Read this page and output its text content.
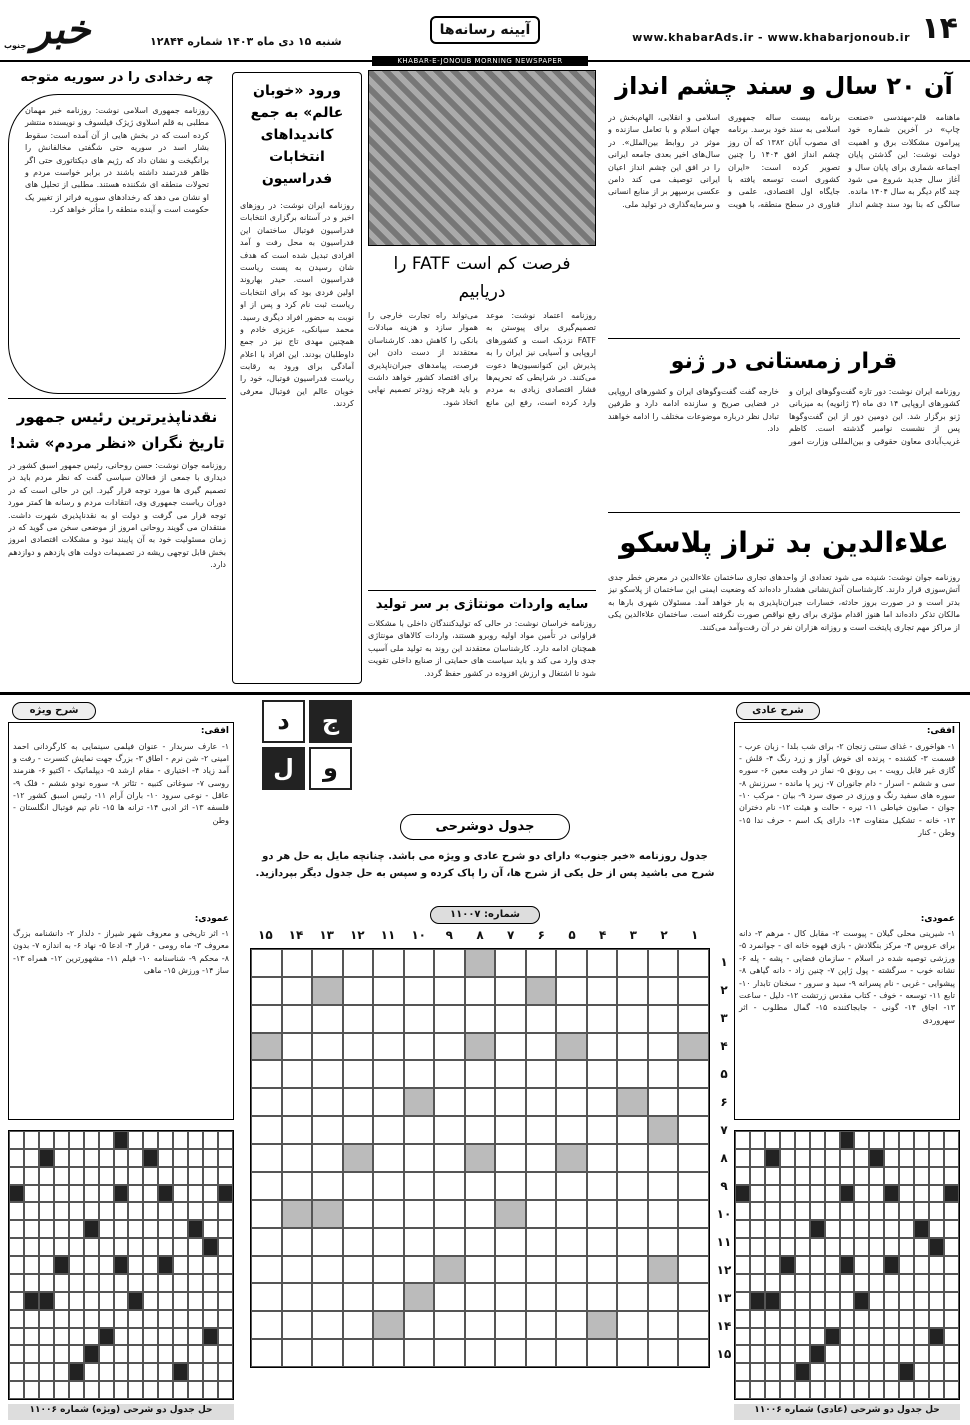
۱۴
www.khabarAds.ir - www.khabarjonoub.ir
آیینه رسانه‌ها
شنبه ۱۵ دی ماه ۱۴۰۳ شماره ۱۲۸۴۴
خبر
جنوب
KHABAR-E-JONOUB MORNING NEWSPAPER
آن ۲۰ سال و سند چشم انداز
ماهنامه قلم-مهندسی «صنعت چاپ» در آخرین شماره خود پیرامون مشکلات برق و اهمیت دولت نوشت: این گذشتن پایان اجماعه شماری برای پایان سال و آغاز سال جدید شروع می شود چند گام دیگر به سال ۱۴۰۴ مانده. سالگی که بنا بود سند چشم انداز برنامه بیست ساله جمهوری اسلامی به سند خود برسد. برنامه ای مصوب آبان ۱۳۸۲ که آن روز چشم انداز افق ۱۴۰۴ را چنین تصویر کرده است: «ایران کشوری است توسعه یافته با جایگاه اول اقتصادی، علمی و فناوری در سطح منطقه، با هویت اسلامی و انقلابی، الهام‌بخش در جهان اسلام و با تعامل سازنده و موثر در روابط بین‌الملل». در سال‌های اخیر بعدی جامعه ایرانی را در افق این چشم انداز اعیان ایرانی توصیف می کند دامن عکسی برسپهر بر از منابع انسانی و سرمایه‌گذاری در تولید ملی.
قرار زمستانی در ژنو
روزنامه ایران نوشت: دور تازه گفت‌وگوهای ایران و کشورهای اروپایی ۱۴ دی ماه (۳ ژانویه) به میزبانی ژنو برگزار شد. این دومین دور از این گفت‌وگوها پس از نشست نوامبر گذشته است. کاظم غریب‌آبادی معاون حقوقی و بین‌المللی وزارت امور خارجه گفت گفت‌وگوهای ایران و کشورهای اروپایی در فضایی صریح و سازنده ادامه دارد و طرفین تبادل نظر درباره موضوعات مختلف را ادامه خواهند داد.
علاءالدین بد تراز پلاسکو
روزنامه جوان نوشت: شنیده می شود تعدادی از واحدهای تجاری ساختمان علاءالدین در معرض خطر جدی آتش‌سوزی قرار دارند. کارشناسان آتش‌نشانی هشدار داده‌اند که وضعیت ایمنی این ساختمان از پلاسکو نیز بدتر است و در صورت بروز حادثه، خسارات جبران‌ناپذیری به بار خواهد آمد. مسئولان شهری بارها به مالکان تذکر داده‌اند اما هنوز اقدام مؤثری برای رفع نواقص صورت نگرفته است. ساختمان علاءالدین یکی از مراکز مهم تجاری پایتخت است و روزانه هزاران نفر در آن رفت‌وآمد می‌کنند.
فرصت کم است FATF را دریابیم
روزنامه اعتماد نوشت: موعد تصمیم‌گیری برای پیوستن به FATF نزدیک است و کشورهای اروپایی و آسیایی نیز ایران را به پذیرش این کنوانسیون‌ها دعوت می‌کنند. در شرایطی که تحریم‌ها فشار اقتصادی زیادی به مردم وارد کرده است، رفع این مانع می‌تواند راه تجارت خارجی را هموار سازد و هزینه مبادلات بانکی را کاهش دهد. کارشناسان معتقدند از دست دادن این فرصت، پیامدهای جبران‌ناپذیری برای اقتصاد کشور خواهد داشت و باید هرچه زودتر تصمیم نهایی اتخاذ شود.
سایه واردات مونتاژی بر سر تولید
روزنامه خراسان نوشت: در حالی که تولیدکنندگان داخلی با مشکلات فراوانی در تأمین مواد اولیه روبرو هستند، واردات کالاهای مونتاژی همچنان ادامه دارد. کارشناسان معتقدند این روند به تولید ملی آسیب جدی وارد می کند و باید سیاست های حمایتی از صنایع داخلی تقویت شود تا اشتغال و ارزش افزوده در کشور حفظ گردد.
ورود «خوبان عالم» به جمع کاندیداهای انتخابات فدراسیون
روزنامه ایران نوشت: در روزهای اخیر و در آستانه برگزاری انتخابات فدراسیون فوتبال ساختمان این فدراسیون به محل رفت و آمد افرادی تبدیل شده است که هدف شان رسیدن به پست ریاست فدراسیون است. حیدر بهاروند اولین فردی بود که برای انتخابات ریاست ثبت نام کرد و پس از او نوبت به حضور افراد دیگری رسید. محمد سیانکی، عزیزی خادم و همچنین مهدی تاج نیز در جمع داوطلبان بودند. این افراد با اعلام آمادگی برای ورود به رقابت ریاست فدراسیون فوتبال، خود را خوبان عالم این فوتبال معرفی کردند.
چه رخدادی را در سوریه متوجه
روزنامه جمهوری اسلامی نوشت: روزنامه خبر مهمان مطلبی به قلم اسلاوی ژیژک فیلسوف و نویسنده منتشر کرده است که در بخش هایی از آن آمده است: سقوط بشار اسد در سوریه حتی شگفتی مخالفانش را برانگیخت و نشان داد که رژیم های دیکتاتوری حتی اگر ظاهر قدرتمند داشته باشند در برابر خواست مردم و تحولات منطقه ای شکننده هستند. مطلبی از تحلیل های او نشان می دهد که رخدادهای سوریه فراتر از تغییر یک حکومت است و آینده منطقه را متأثر خواهد کرد.
نقدناپذیرترین رئیس جمهور تاریخ نگران «نظر مردم» شد!
روزنامه جوان نوشت: حسن روحانی، رئیس جمهور اسبق کشور در دیداری با جمعی از فعالان سیاسی گفت که نظر مردم باید در تصمیم گیری ها مورد توجه قرار گیرد. این در حالی است که در دوران ریاست جمهوری وی، انتقادات مردم و رسانه ها کمتر مورد توجه قرار می گرفت و دولت او به نقدناپذیری شهرت داشت. منتقدان می گویند روحانی امروز از موضعی سخن می گوید که در زمان مسئولیت خود به آن پایبند نبود و مشکلات اقتصادی امروز بخش قابل توجهی ریشه در تصمیمات دولت های یازدهم و دوازدهم دارد.
شرح عادی
افقی:
۱- هواخوری - غذای سنتی زنجان ۲- برای شب بلدا - زبان عرب - قسمت ۳- کشنده - پرنده ای خوش آواز و زرد رنگ ۴- قلش - گازی غیر قابل رویت - بی رونق ۵- نماز در وقت معین ۶- سوره سی و ششم - اسرار - دام جانوران ۷- زیر پا مانده - سرزنش ۸- سوره های سفید رنگ و ورزی در صوی سرد ۹- بیان - مرکب ۱۰- جوان - صابون خیاطی ۱۱- تیره - حالت و هیئت ۱۲- نام دختران ۱۳- خانه - تشکیل متفاوت ۱۴- دارای یک اسم - حرف ندا ۱۵- وطن - کنار
عمودی:
۱- شیرینی محلی گیلان - پیوست ۲- مقابل کال - مرهم ۳- دانه برای عروس ۴- مرکز بنگلادش - بازی قهوه خانه ای - جوانمرد ۵- ورزشی توصیه شده در اسلام - سازمان فضایی - پشه - پله ۶- نشانه خوب - سرگشته - پول ژاپن ۷- چنین زاد - دانه گیاهی ۸- پیشوایی - غربی - نام پسرانه ۹- سید و سرور - سخنان تابدار ۱۰- تابع ۱۱- توسعه - خوف - کتاب مقدس زرتشت ۱۲- دلیل - ساعت ۱۳- اجاق ۱۴- گونی - جابجاکننده ۱۵- گمال مطلوب - اثر سهروردی
شرح ویژه
افقی:
۱- عارف سربدار - عنوان فیلمی سینمایی به کارگردانی احمد امینی ۲- شن نرم - اطاق ۳- بزرگ جهت نمایش کنسرت - رفت و آمد زیاد ۴- اختیاری - مقام ارشد ۵- دیپلماتیک - اکتیو ۶- هنرمند روسی ۷- سوغاتی کتبیه - تئاتر ۸- سوره نودو ششم - فلک ۹- عاقل - نوعی سرود ۱۰- باران آرام ۱۱- رئیس اسبق کشور ۱۲- فلسفه ۱۳- اثر ادبی ۱۴- ترانه ها ۱۵- نام تیم فوتبال انگلستان - وطن
عمودی:
۱- اثر تاریخی و معروف شهر شیراز - دلدار ۲- دانشنامه بزرگ معروف ۳- ماه رومی - قرار ۴- ادعا ۵- نهاد ۶- به اندازه ۷- بدون ۸- محکم ۹- شناسنامه ۱۰- فیلم ۱۱- مشهورترین ۱۲- همراه ۱۳- ساز ۱۴- ورزش ۱۵- ماهی
ج
د
و
ل
جدول دوشرحی
جدول روزنامه «خبر جنوب» دارای دو شرح عادی و ویژه می باشد. چنانچه مایل به حل هر دو شرح می باشید پس از حل یکی از شرح ها، آن را پاک کرده و سپس به حل جدول دیگر بپردازید.
شماره: ۱۱۰۰۷
۱۵	۱۴	۱۳	۱۲	۱۱	۱۰	۹	۸	۷	۶	۵	۴	۳	۲	۱
۱
۲
۳
۴
۵
۶
۷
۸
۹
۱۰
۱۱
۱۲
۱۳
۱۴
۱۵
حل جدول دو شرحی (عادی) شماره ۱۱۰۰۶
حل جدول دو شرحی (ویژه) شماره ۱۱۰۰۶
